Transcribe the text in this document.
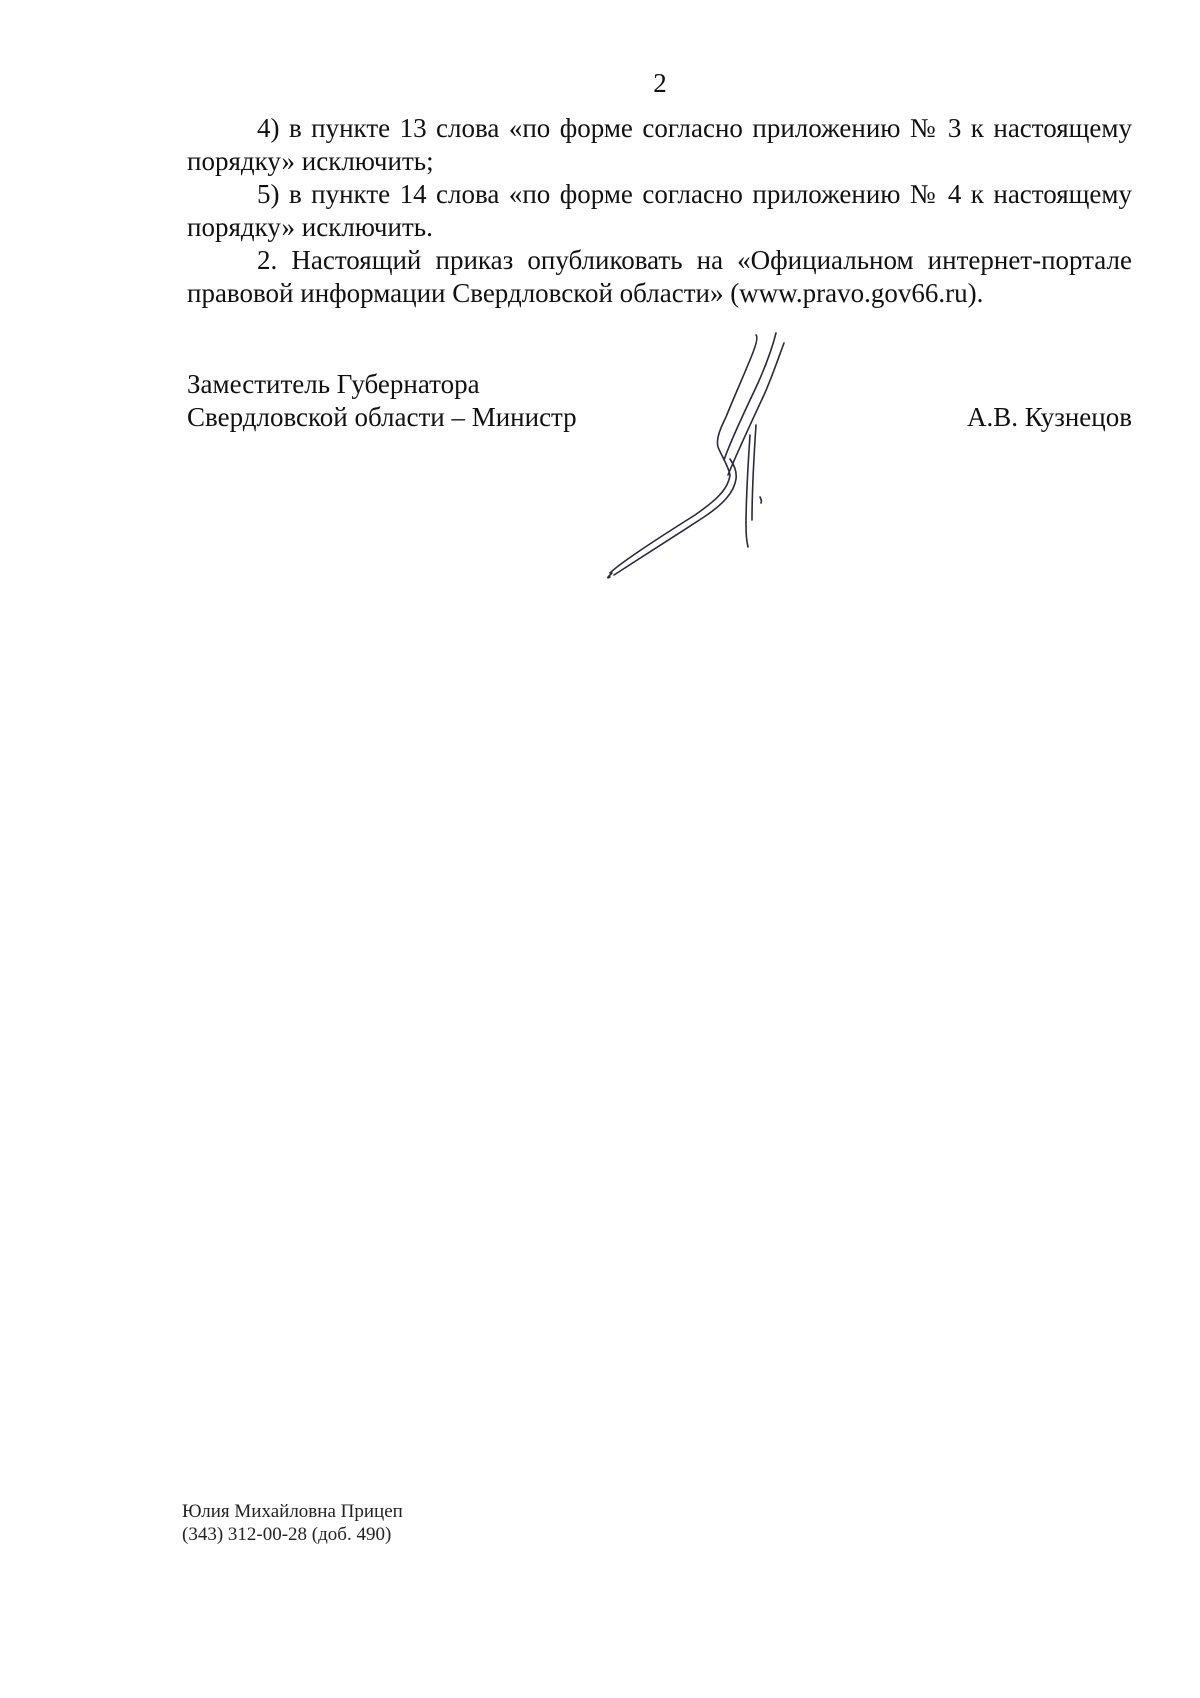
2

4) в пункте 13 слова «по форме согласно приложению № 3 к настоящему порядку» исключить;

5) в пункте 14 слова «по форме согласно приложению № 4 к настоящему порядку» исключить.

2. Настоящий приказ опубликовать на «Официальном интернет-портале правовой информации Свердловской области» (www.pravo.gov66.ru).

Заместитель Губернатора
Свердловской области – Министр	А.В. Кузнецов
Юлия Михайловна Прицеп
(343) 312-00-28 (доб. 490)
